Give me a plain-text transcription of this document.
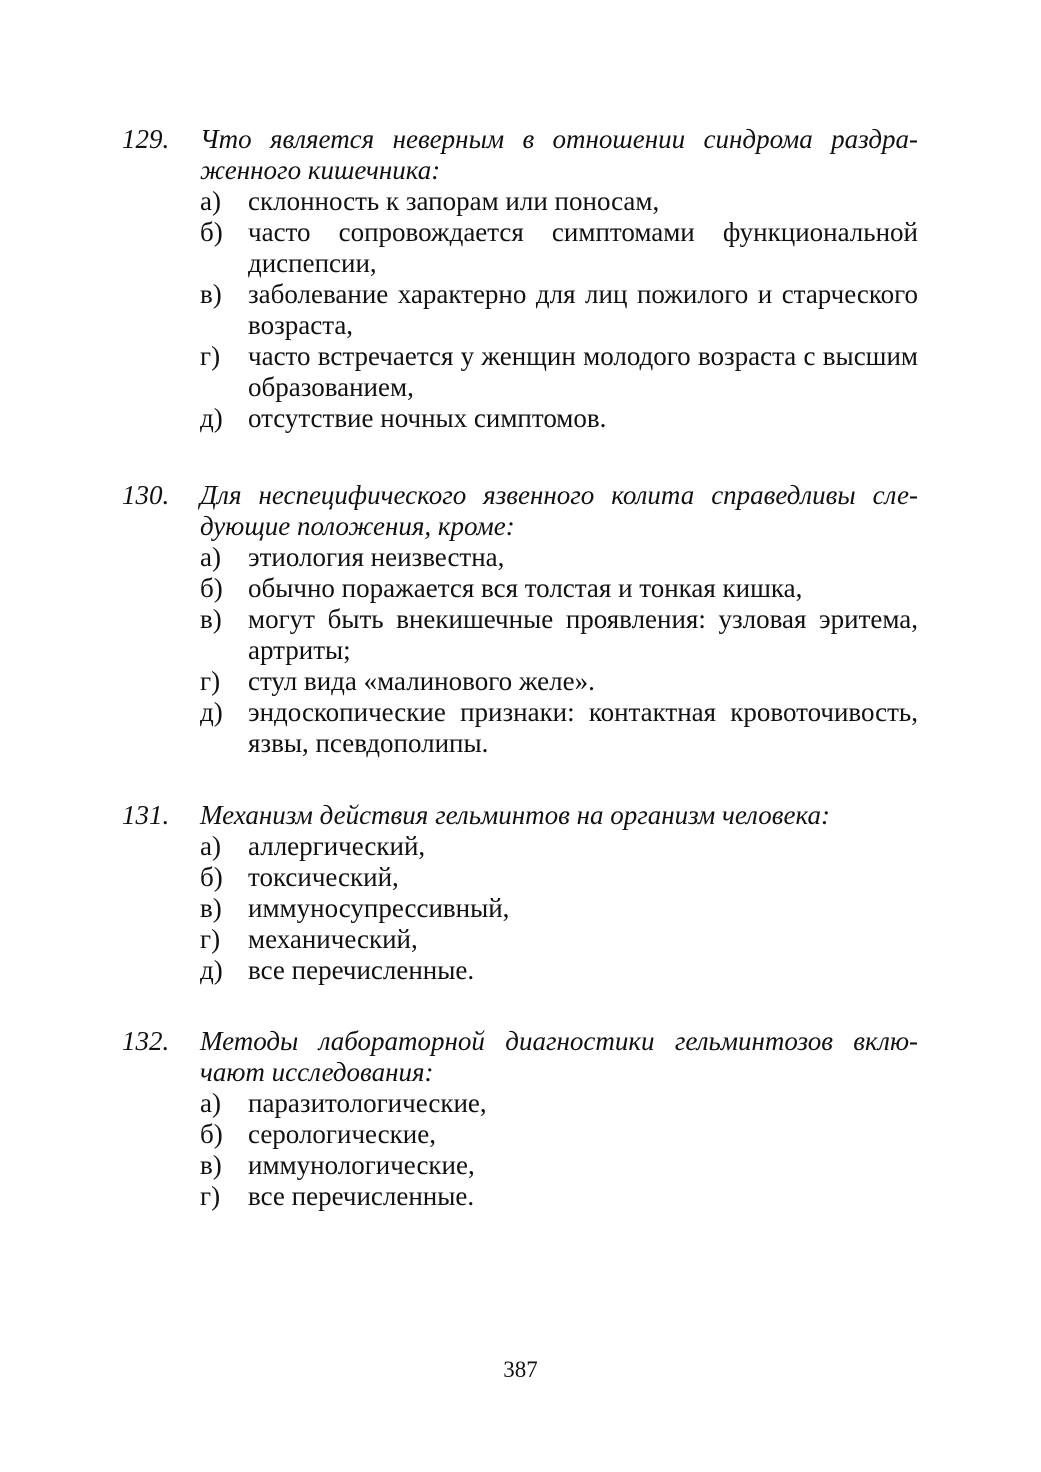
129. Что является неверным в отношении синдрома раздраженного кишечника:
а) склонность к запорам или поносам,
б) часто сопровождается симптомами функциональной диспепсии,
в) заболевание характерно для лиц пожилого и старческого возраста,
г) часто встречается у женщин молодого возраста с высшим образованием,
д) отсутствие ночных симптомов.
130. Для неспецифического язвенного колита справедливы следующие положения, кроме:
а) этиология неизвестна,
б) обычно поражается вся толстая и тонкая кишка,
в) могут быть внекишечные проявления: узловая эритема, артриты;
г) стул вида «малинового желе».
д) эндоскопические признаки: контактная кровоточивость, язвы, псевдополипы.
131. Механизм действия гельминтов на организм человека:
а) аллергический,
б) токсический,
в) иммуносупрессивный,
г) механический,
д) все перечисленные.
132. Методы лабораторной диагностики гельминтозов включают исследования:
а) паразитологические,
б) серологические,
в) иммунологические,
г) все перечисленные.
387
